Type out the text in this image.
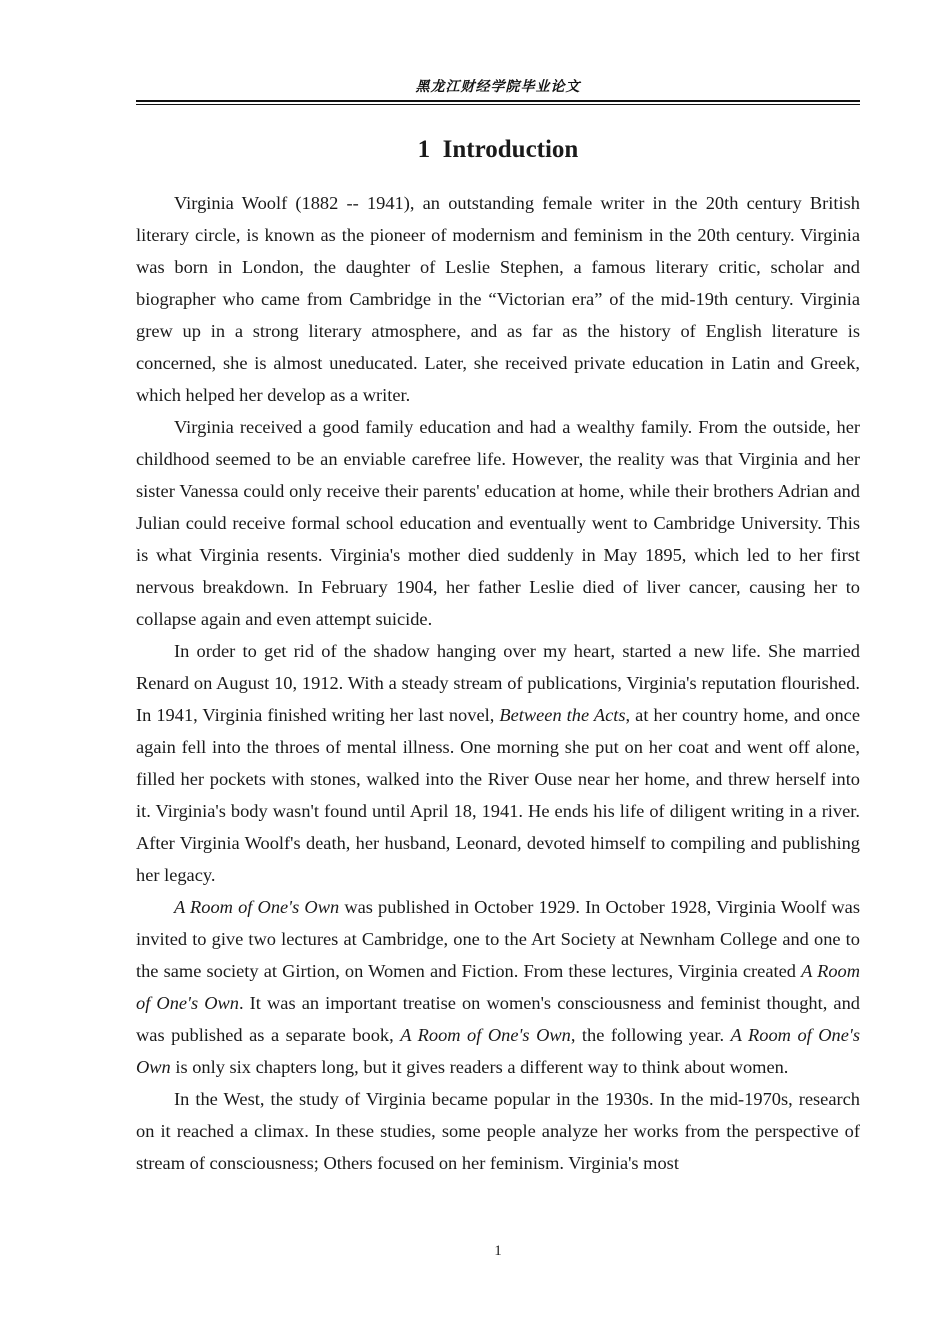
黑龙江财经学院毕业论文
1  Introduction

Virginia Woolf (1882 -- 1941), an outstanding female writer in the 20th century British literary circle, is known as the pioneer of modernism and feminism in the 20th century. Virginia was born in London, the daughter of Leslie Stephen, a famous literary critic, scholar and biographer who came from Cambridge in the “Victorian era” of the mid-19th century. Virginia grew up in a strong literary atmosphere, and as far as the history of English literature is concerned, she is almost uneducated. Later, she received private education in Latin and Greek, which helped her develop as a writer.

Virginia received a good family education and had a wealthy family. From the outside, her childhood seemed to be an enviable carefree life. However, the reality was that Virginia and her sister Vanessa could only receive their parents' education at home, while their brothers Adrian and Julian could receive formal school education and eventually went to Cambridge University. This is what Virginia resents. Virginia's mother died suddenly in May 1895, which led to her first nervous breakdown. In February 1904, her father Leslie died of liver cancer, causing her to collapse again and even attempt suicide.

In order to get rid of the shadow hanging over my heart, started a new life. She married Renard on August 10, 1912. With a steady stream of publications, Virginia's reputation flourished. In 1941, Virginia finished writing her last novel, Between the Acts, at her country home, and once again fell into the throes of mental illness. One morning she put on her coat and went off alone, filled her pockets with stones, walked into the River Ouse near her home, and threw herself into it. Virginia's body wasn't found until April 18, 1941. He ends his life of diligent writing in a river. After Virginia Woolf's death, her husband, Leonard, devoted himself to compiling and publishing her legacy.

A Room of One's Own was published in October 1929. In October 1928, Virginia Woolf was invited to give two lectures at Cambridge, one to the Art Society at Newnham College and one to the same society at Girtion, on Women and Fiction. From these lectures, Virginia created A Room of One's Own. It was an important treatise on women's consciousness and feminist thought, and was published as a separate book, A Room of One's Own, the following year. A Room of One's Own is only six chapters long, but it gives readers a different way to think about women.

In the West, the study of Virginia became popular in the 1930s. In the mid-1970s, research on it reached a climax. In these studies, some people analyze her works from the perspective of stream of consciousness; Others focused on her feminism. Virginia's most

1
